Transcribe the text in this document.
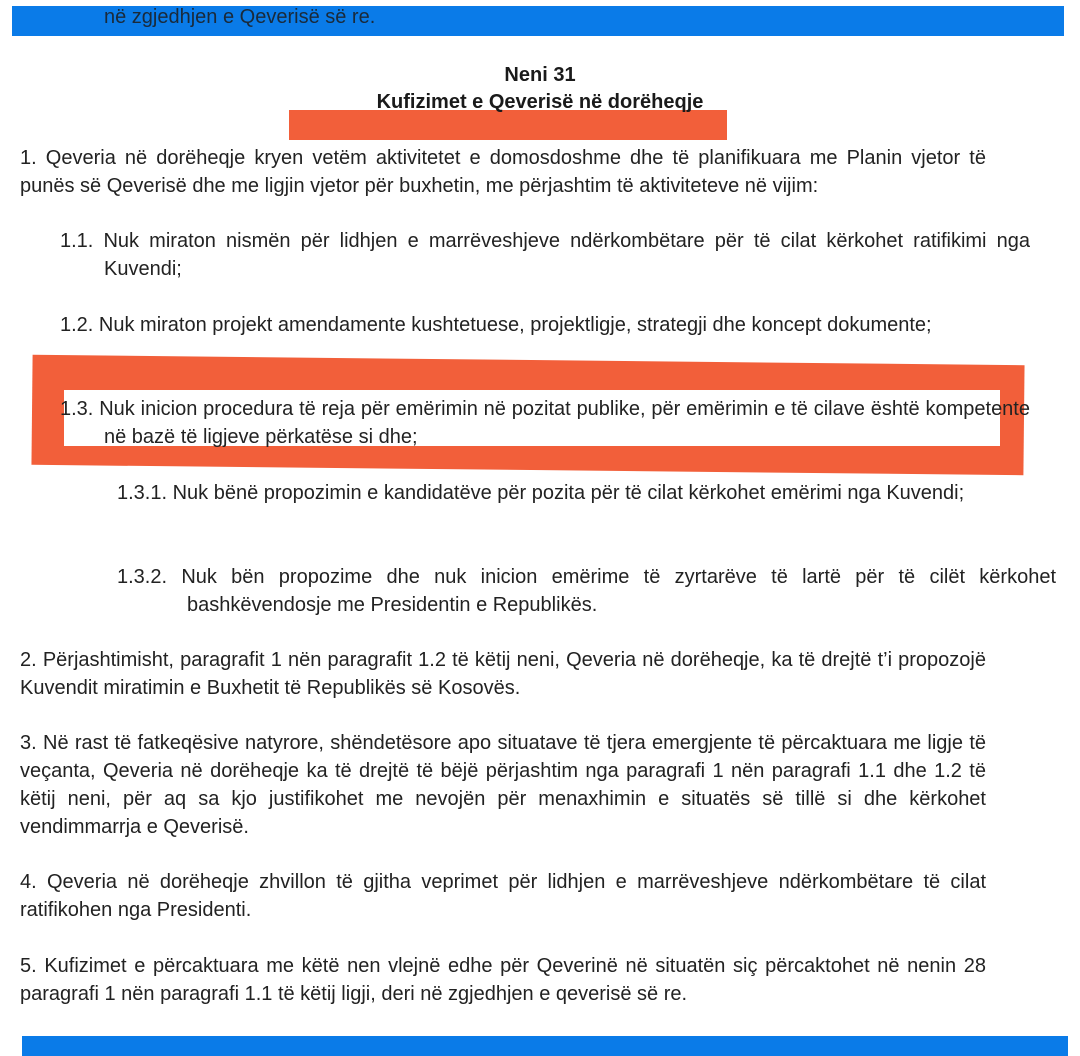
në zgjedhjen e Qeverisë së re.
Neni 31
Kufizimet e Qeverisë në dorëheqje

1. Qeveria në dorëheqje kryen vetëm aktivitetet e domosdoshme dhe të planifikuara me Planin vjetor të punës së Qeverisë dhe me ligjin vjetor për buxhetin, me përjashtim të aktiviteteve në vijim:

1.1. Nuk miraton nismën për lidhjen e marrëveshjeve ndërkombëtare për të cilat kërkohet ratifikimi nga Kuvendi;

1.2. Nuk miraton projekt amendamente kushtetuese, projektligje, strategji dhe koncept dokumente;

1.3. Nuk inicion procedura të reja për emërimin në pozitat publike, për emërimin e të cilave është kompetente në bazë të ligjeve përkatëse si dhe;

1.3.1. Nuk bënë propozimin e kandidatëve për pozita për të cilat kërkohet emërimi nga Kuvendi;

1.3.2. Nuk bën propozime dhe nuk inicion emërime të zyrtarëve të lartë për të cilët kërkohet bashkëvendosje me Presidentin e Republikës.

2. Përjashtimisht, paragrafit 1 nën paragrafit 1.2 të këtij neni, Qeveria në dorëheqje, ka të drejtë t’i propozojë Kuvendit miratimin e Buxhetit të Republikës së Kosovës.

3. Në rast të fatkeqësive natyrore, shëndetësore apo situatave të tjera emergjente të përcaktuara me ligje të veçanta, Qeveria në dorëheqje ka të drejtë të bëjë përjashtim nga paragrafi 1 nën paragrafi 1.1 dhe 1.2 të këtij neni, për aq sa kjo justifikohet me nevojën për menaxhimin e situatës së tillë si dhe kërkohet vendimmarrja e Qeverisë.

4. Qeveria në dorëheqje zhvillon të gjitha veprimet për lidhjen e marrëveshjeve ndërkombëtare të cilat ratifikohen nga Presidenti.

5. Kufizimet e përcaktuara me këtë nen vlejnë edhe për Qeverinë në situatën siç përcaktohet në nenin 28 paragrafi 1 nën paragrafi 1.1 të këtij ligji, deri në zgjedhjen e qeverisë së re.
